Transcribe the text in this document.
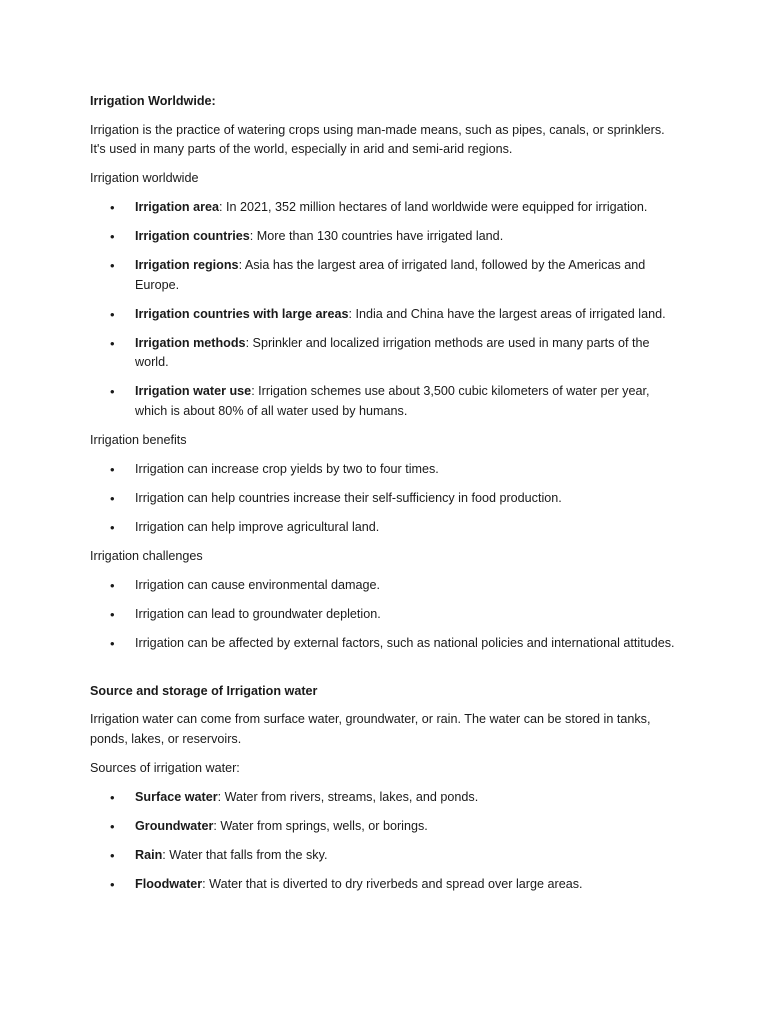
Irrigation Worldwide:

Irrigation is the practice of watering crops using man-made means, such as pipes, canals, or sprinklers. It's used in many parts of the world, especially in arid and semi-arid regions.

Irrigation worldwide
• Irrigation area: In 2021, 352 million hectares of land worldwide were equipped for irrigation.
• Irrigation countries: More than 130 countries have irrigated land.
• Irrigation regions: Asia has the largest area of irrigated land, followed by the Americas and Europe.
• Irrigation countries with large areas: India and China have the largest areas of irrigated land.
• Irrigation methods: Sprinkler and localized irrigation methods are used in many parts of the world.
• Irrigation water use: Irrigation schemes use about 3,500 cubic kilometers of water per year, which is about 80% of all water used by humans.
Irrigation benefits
• Irrigation can increase crop yields by two to four times.
• Irrigation can help countries increase their self-sufficiency in food production.
• Irrigation can help improve agricultural land.
Irrigation challenges
• Irrigation can cause environmental damage.
• Irrigation can lead to groundwater depletion.
• Irrigation can be affected by external factors, such as national policies and international attitudes.
Source and storage of Irrigation water

Irrigation water can come from surface water, groundwater, or rain. The water can be stored in tanks, ponds, lakes, or reservoirs.

Sources of irrigation water:

• Surface water: Water from rivers, streams, lakes, and ponds.
• Groundwater: Water from springs, wells, or borings.
• Rain: Water that falls from the sky.
• Floodwater: Water that is diverted to dry riverbeds and spread over large areas.
